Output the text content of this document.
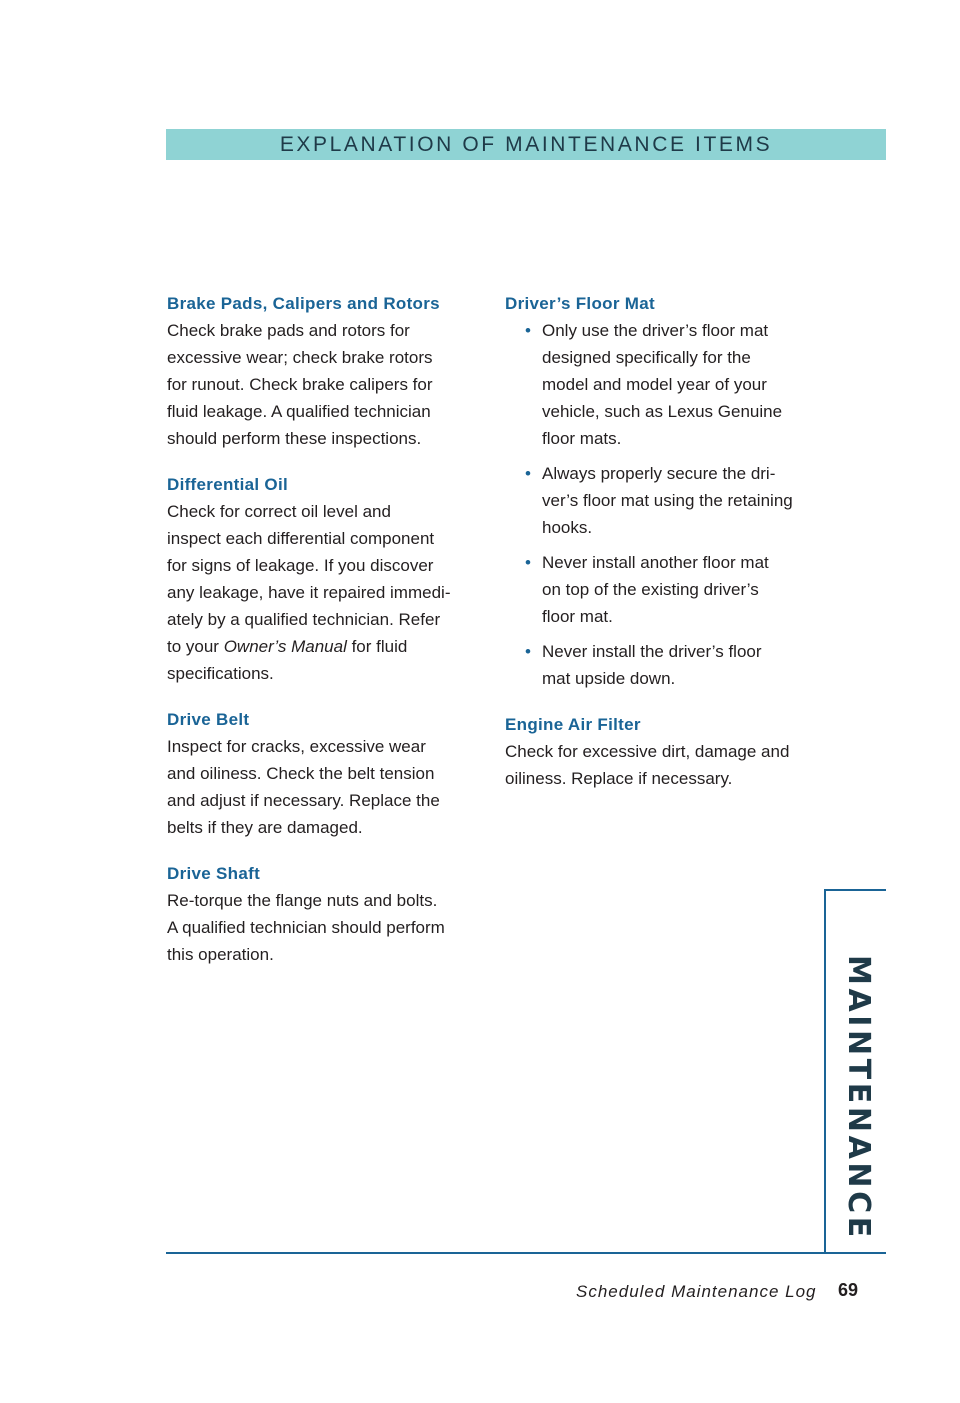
EXPLANATION OF MAINTENANCE ITEMS
Brake Pads, Calipers and Rotors

Check brake pads and rotors for
excessive wear; check brake rotors
for runout. Check brake calipers for
fluid leakage. A qualified technician
should perform these inspections.

Differential Oil

Check for correct oil level and
inspect each differential component
for signs of leakage. If you discover
any leakage, have it repaired immedi-
ately by a qualified technician. Refer
to your Owner’s Manual for fluid
specifications.

Drive Belt

Inspect for cracks, excessive wear
and oiliness. Check the belt tension
and adjust if necessary. Replace the
belts if they are damaged.

Drive Shaft

Re-torque the flange nuts and bolts.
A qualified technician should perform
this operation.

Driver’s Floor Mat
• Only use the driver’s floor mat
designed specifically for the
model and model year of your
vehicle, such as Lexus Genuine
floor mats.
• Always properly secure the dri-
ver’s floor mat using the retaining
hooks.
• Never install another floor mat
on top of the existing driver’s
floor mat.
• Never install the driver’s floor
mat upside down.
Engine Air Filter

Check for excessive dirt, damage and
oiliness. Replace if necessary.

MAINTENANCE
Scheduled Maintenance Log 69
